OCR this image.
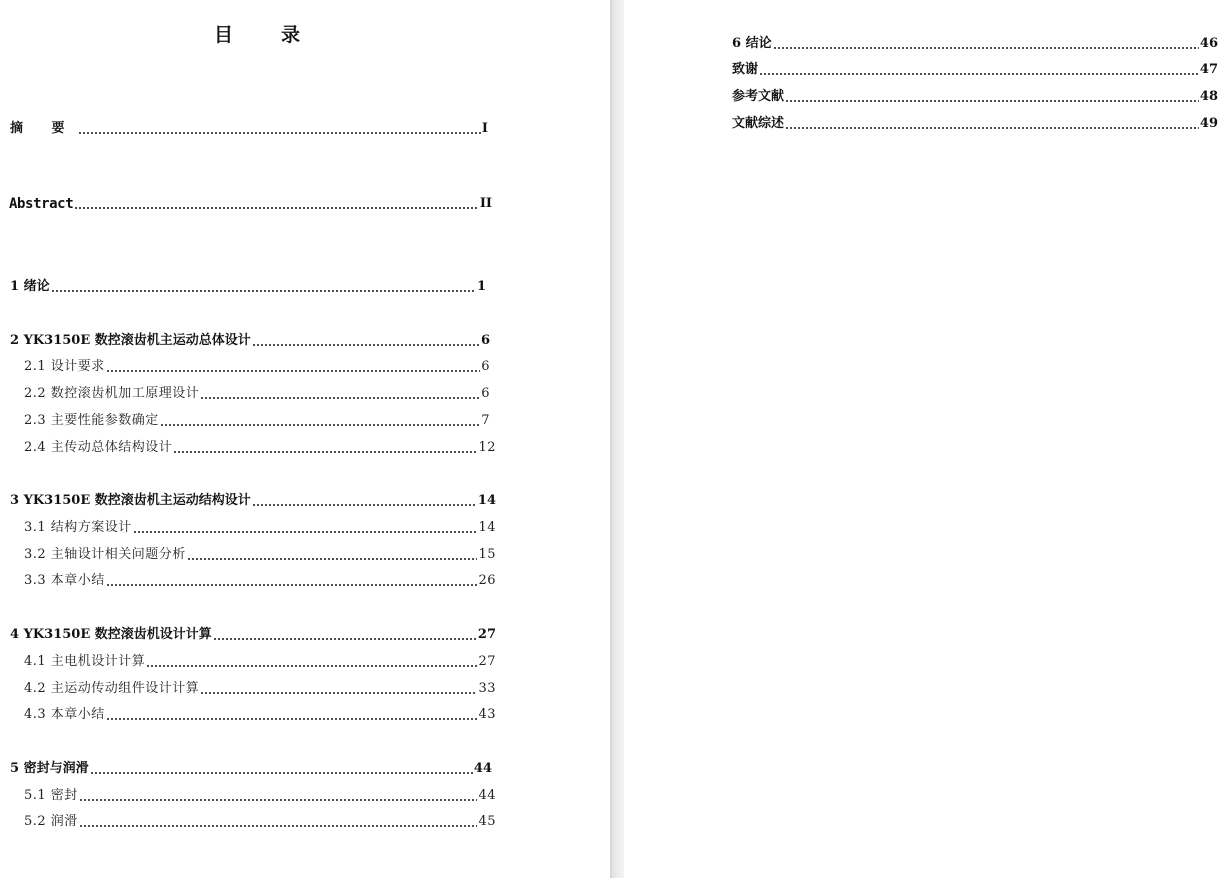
目录
摘 要	I
Abstract	II
1 绪论	1
2 YK3150E 数控滚齿机主运动总体设计	6
2.1 设计要求	6
2.2 数控滚齿机加工原理设计	6
2.3 主要性能参数确定	7
2.4 主传动总体结构设计	12
3 YK3150E 数控滚齿机主运动结构设计	14
3.1 结构方案设计	14
3.2 主轴设计相关问题分析	15
3.3 本章小结	26
4 YK3150E 数控滚齿机设计计算	27
4.1 主电机设计计算	27
4.2 主运动传动组件设计计算	33
4.3 本章小结	43
5 密封与润滑	44
5.1 密封	44
5.2 润滑	45
6 结论	46
致谢	47
参考文献	48
文献综述	49
